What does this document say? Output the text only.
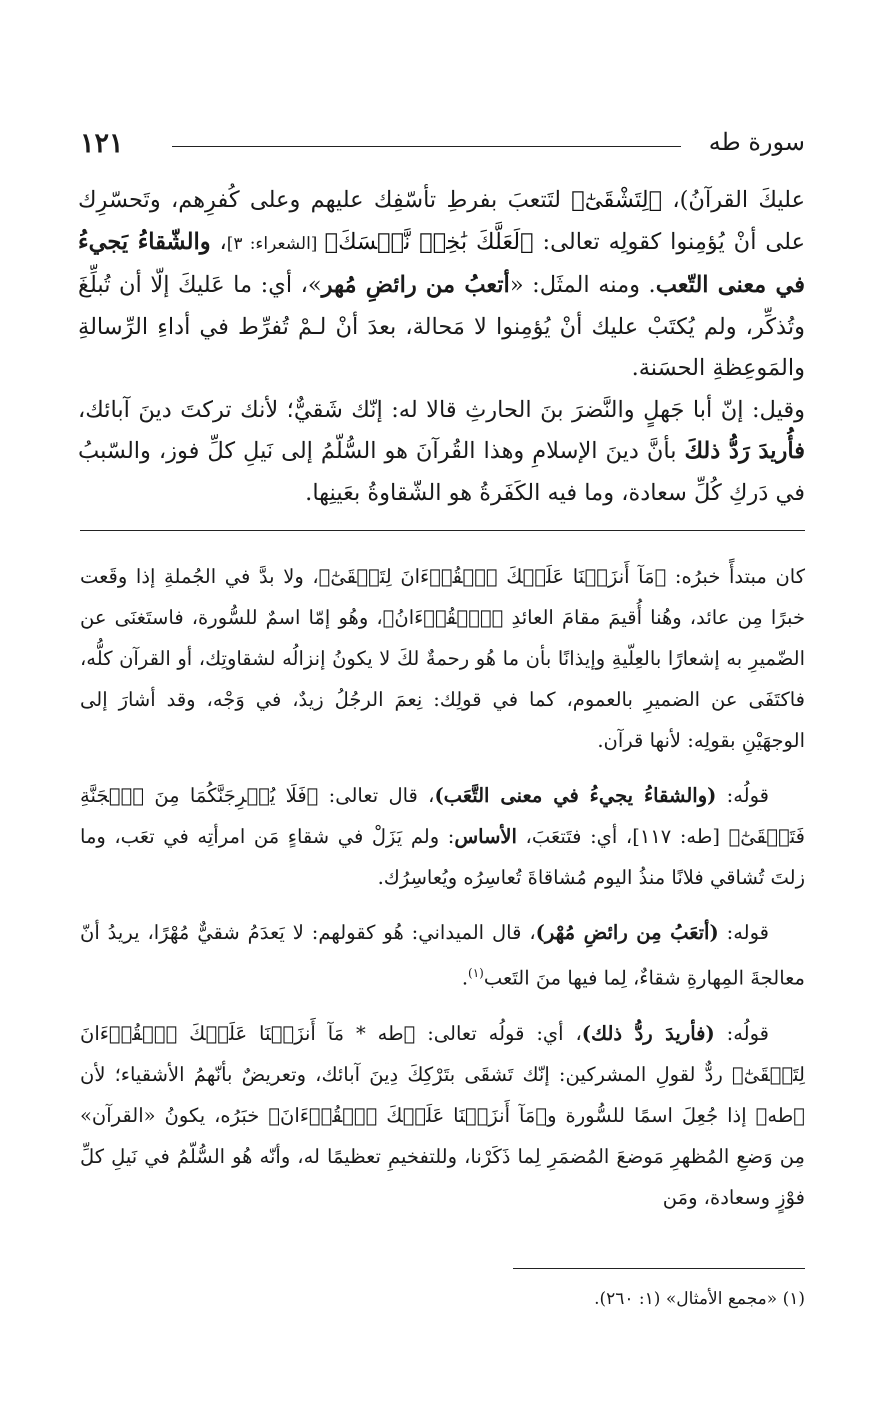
١٢١	سورة طه

عليكَ القرآنُ)، ﴿لِتَشْقَىٰٓ﴾ لتَتعبَ بفرطِ تأسّفِك عليهم وعلى كُفرِهم، وتَحسّرِك على أنْ يُؤمِنوا كقولِه تعالى: ﴿لَعَلَّكَ بَٰخِعٞ نَّفۡسَكَ﴾ [الشعراء: ٣]، والشّقاءُ يَجيءُ في معنى التّعب. ومنه المثَل: «أتعبُ من رائضِ مُهر»، أي: ما عَليكَ إلّا أن تُبلِّغَ وتُذكِّر، ولم يُكتَبْ عليك أنْ يُؤمِنوا لا مَحالة، بعدَ أنْ لـمْ تُفرِّط في أداءِ الرِّسالةِ والمَوعِظةِ الحسَنة.

وقيل: إنّ أبا جَهلٍ والنَّضرَ بنَ الحارثِ قالا له: إنّك شَقيٌّ؛ لأنك تركتَ دينَ آبائك، فأُريدَ رَدُّ ذلكَ بأنَّ دينَ الإسلامِ وهذا القُرآنَ هو السُّلّمُ إلى نَيلِ كلِّ فوز، والسّببُ في دَركِ كُلِّ سعادة، وما فيه الكَفَرةُ هو الشّقاوةُ بعَينِها.

كان مبتدأً خبرُه: ﴿مَآ أَنزَلۡنَا عَلَيۡكَ ٱلۡقُرۡءَانَ لِتَشۡقَىٰٓ﴾، ولا بدَّ في الجُملةِ إذا وقَعت خبرًا مِن عائد، وهُنا أُقيمَ مقامَ العائدِ ﴿ٱلۡقُرۡءَانُ﴾، وهُو إمّا اسمٌ للسُّورة، فاستَغنَى عن الضّميرِ به إشعارًا بالعِلّيةِ وإيذانًا بأن ما هُو رحمةٌ لكَ لا يكونُ إنزالُه لشقاوتِك، أو القرآن كلُّه، فاكتَفَى عن الضميرِ بالعموم، كما في قولِك: نِعمَ الرجُلُ زيدٌ، في وَجْه، وقد أشارَ إلى الوجهَيْنِ بقولِه: لأنها قرآن.

قولُه: (والشقاءُ يجيءُ في معنى التَّعَب)، قال تعالى: ﴿فَلَا يُخۡرِجَنَّكُمَا مِنَ ٱلۡجَنَّةِ فَتَشۡقَىٰٓ﴾ [طه: ١١٧]، أي: فتَتعَبَ، الأساس: ولم يَزَلْ في شقاءٍ مَن امرأتِه في تعَب، وما زلتَ تُشاقي فلانًا منذُ اليوم مُشاقاةَ تُعاسِرُه ويُعاسِرُك.

قوله: (أتعَبُ مِن رائضِ مُهْر)، قال الميداني: هُو كقولهم: لا يَعدَمُ شقيٌّ مُهْرًا، يريدُ أنّ معالجةَ المِهارةِ شقاءٌ، لِما فيها منَ التَعب$^{(١)}$.

قولُه: (فأريدَ ردُّ ذلك)، أي: قولُه تعالى: ﴿طه * مَآ أَنزَلۡنَا عَلَيۡكَ ٱلۡقُرۡءَانَ لِتَشۡقَىٰٓ﴾ ردٌّ لقولِ المشركين: إنّك تَشقَى بتَرْكِكَ دِينَ آبائك، وتعريضٌ بأنّهمُ الأشقياء؛ لأن ﴿طه﴾ إذا جُعِلَ اسمًا للسُّورة و﴿مَآ أَنزَلۡنَا عَلَيۡكَ ٱلۡقُرۡءَانَ﴾ خبَرُه، يكونُ «القرآن» مِن وَضعِ المُظهرِ مَوضعَ المُضمَرِ لِما ذَكَرْنا، وللتفخيمِ تعظيمًا له، وأنّه هُو السُّلّمُ في نَيلِ كلِّ فوْزٍ وسعادة، ومَن

(١) «مجمع الأمثال» (١: ٢٦٠).
